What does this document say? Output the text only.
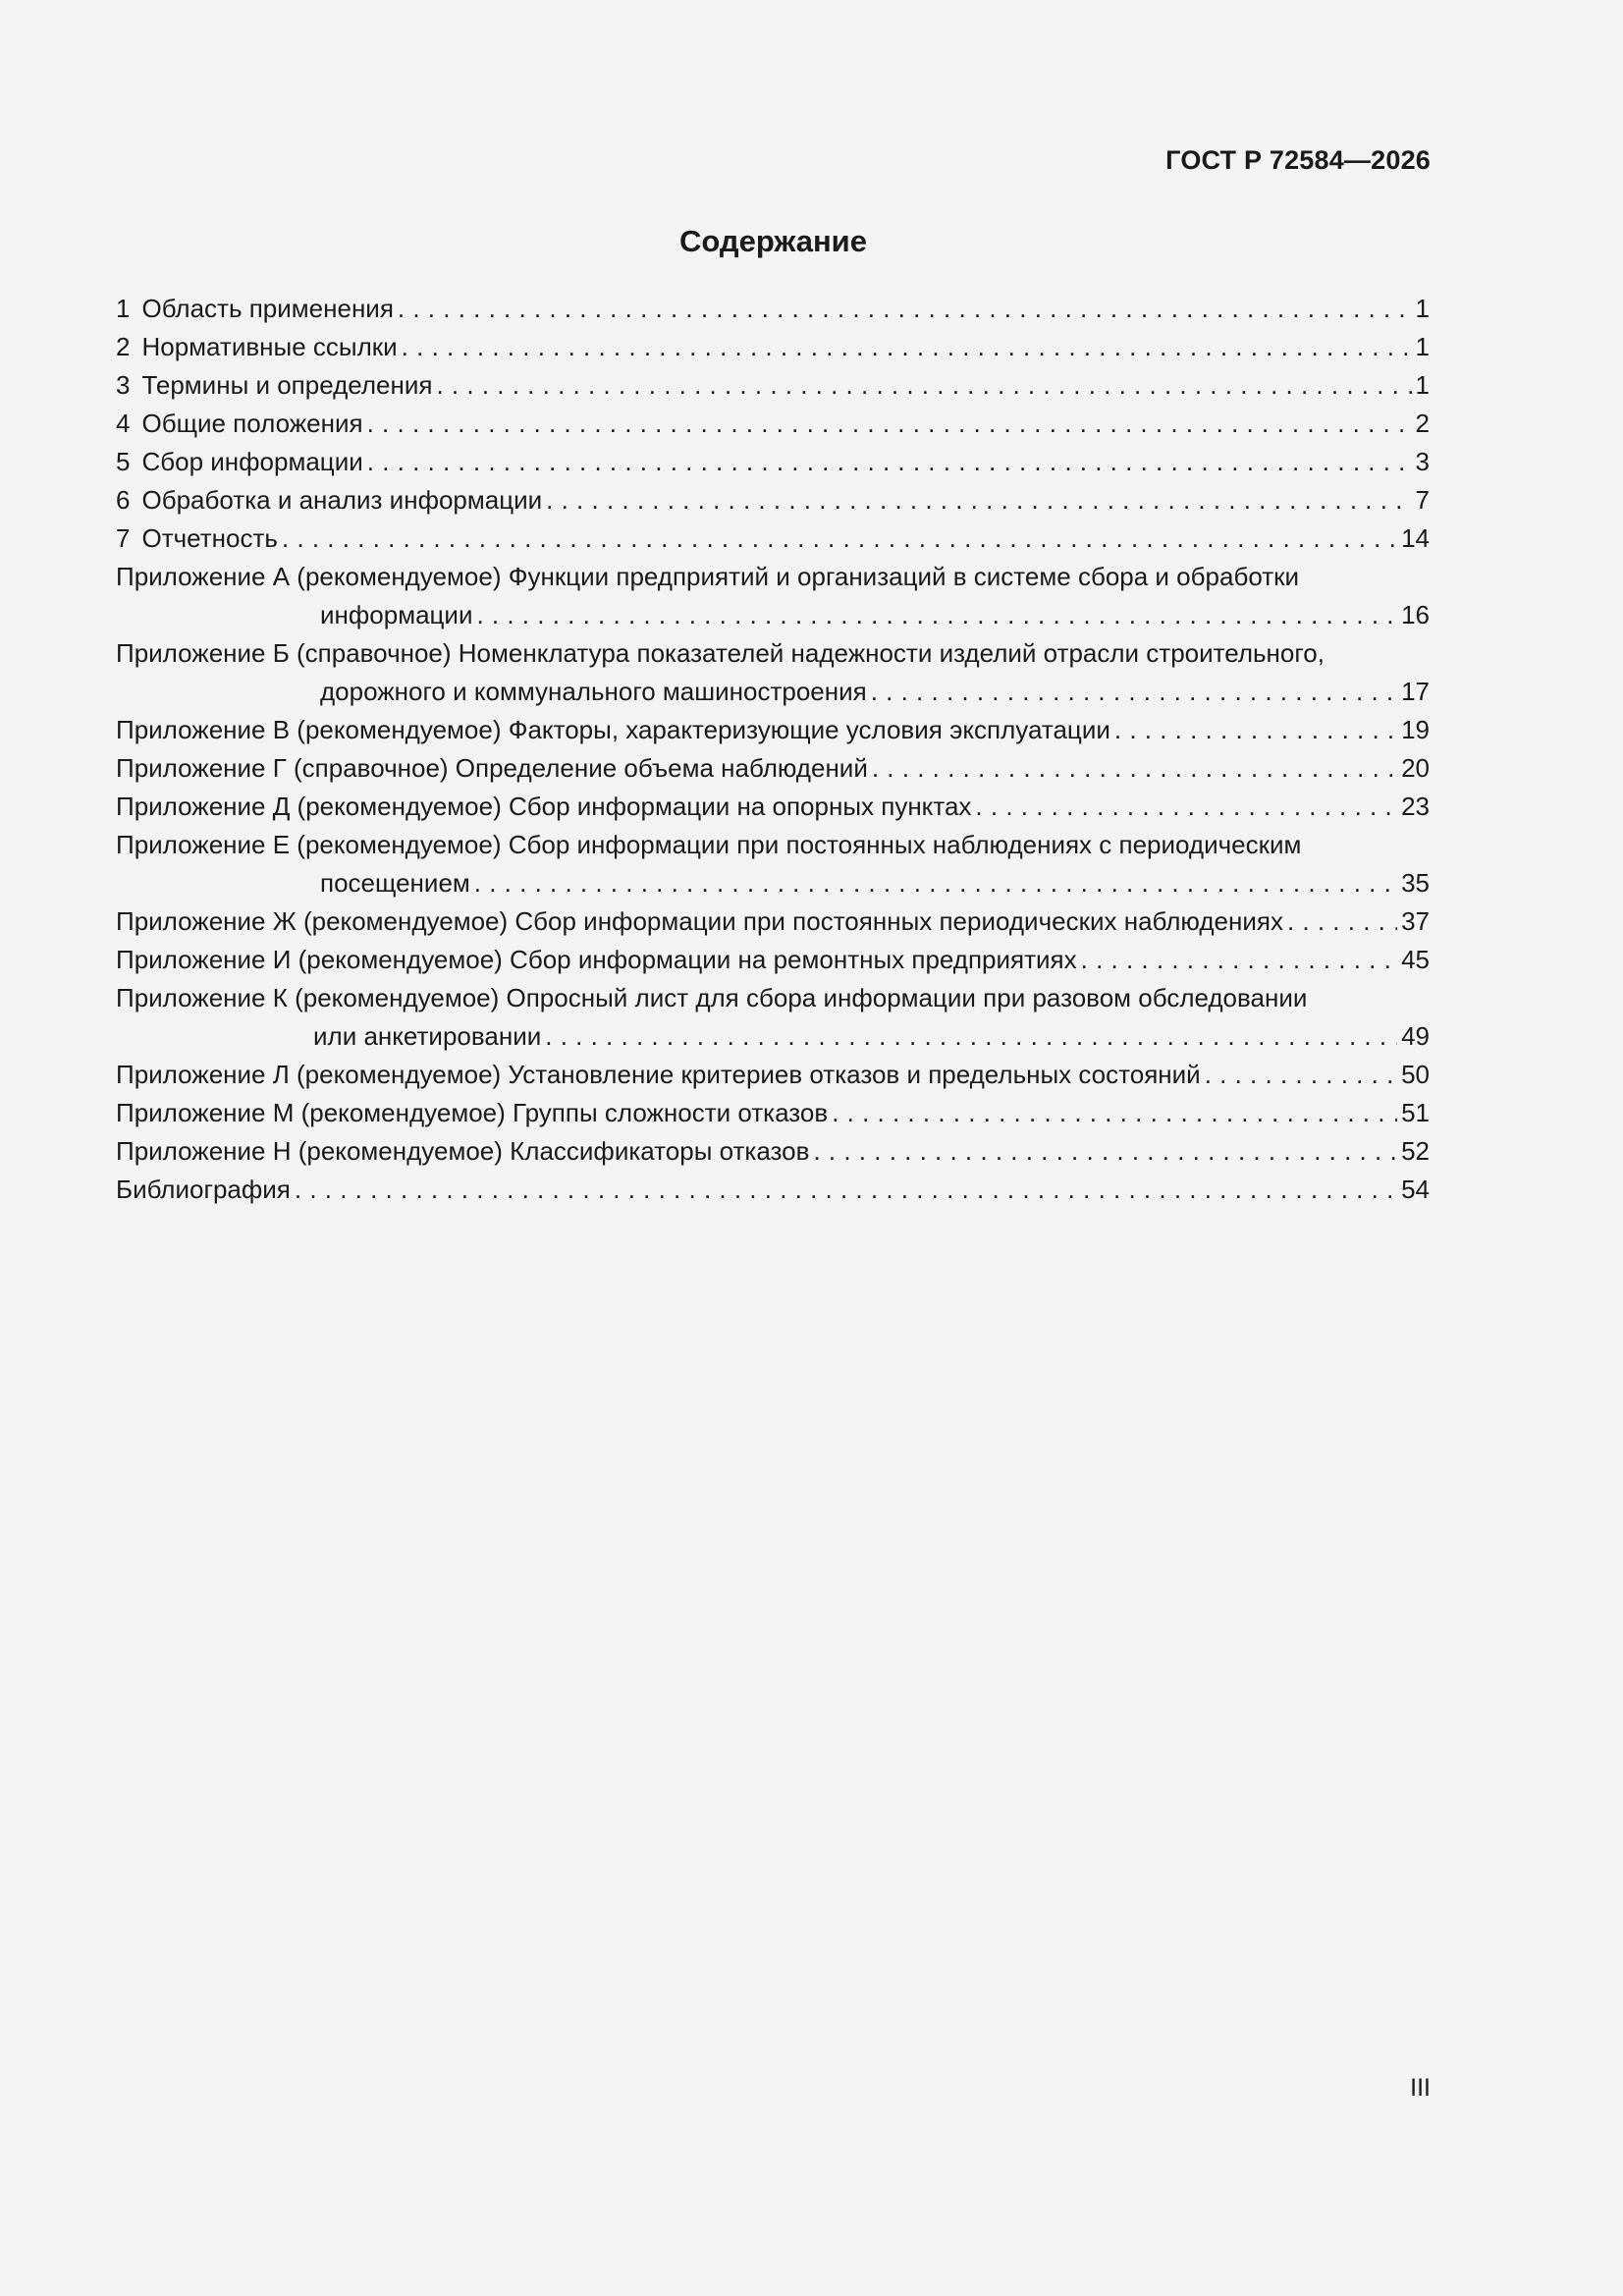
ГОСТ Р 72584—2026
Содержание
1 Область применения . . .	1
2 Нормативные ссылки . . .	1
3 Термины и определения . . .	1
4 Общие положения . . .	2
5 Сбор информации . . .	3
6 Обработка и анализ информации . . .	7
7 Отчетность . . .	14
Приложение А (рекомендуемое) Функции предприятий и организаций в системе сбора и обработки
информации . . .	16
Приложение Б (справочное) Номенклатура показателей надежности изделий отрасли строительного,
дорожного и коммунального машиностроения . . .	17
Приложение В (рекомендуемое) Факторы, характеризующие условия эксплуатации . . .	19
Приложение Г (справочное) Определение объема наблюдений . . .	20
Приложение Д (рекомендуемое) Сбор информации на опорных пунктах . . .	23
Приложение Е (рекомендуемое) Сбор информации при постоянных наблюдениях с периодическим
посещением . . .	35
Приложение Ж (рекомендуемое) Сбор информации при постоянных периодических наблюдениях . . .	37
Приложение И (рекомендуемое) Сбор информации на ремонтных предприятиях . . .	45
Приложение К (рекомендуемое) Опросный лист для сбора информации при разовом обследовании
или анкетировании . . .	49
Приложение Л (рекомендуемое) Установление критериев отказов и предельных состояний . . .	50
Приложение М (рекомендуемое) Группы сложности отказов . . .	51
Приложение Н (рекомендуемое) Классификаторы отказов . . .	52
Библиография . . .	54
III
